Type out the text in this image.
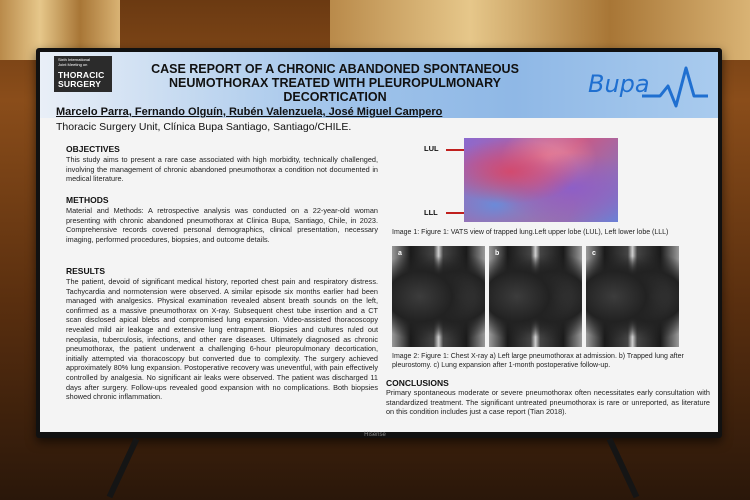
Sixth International Joint Meeting on
THORACIC
SURGERY
CASE REPORT OF A CHRONIC ABANDONED SPONTANEOUS NEUMOTHORAX TREATED WITH PLEUROPULMONARY DECORTICATION	Bupa
Marcelo Parra, Fernando Olguín, Rubén Valenzuela, José Miguel Campero
Thoracic Surgery Unit, Clínica Bupa Santiago, Santiago/CHILE.
OBJECTIVES
This study aims to present a rare case associated with high morbidity, technically challenged, involving the management of chronic abandoned pneumothorax a condition not documented in medical literature.
METHODS
Material and Methods: A retrospective analysis was conducted on a 22-year-old woman presenting with chronic abandoned pneumothorax at Clinica Bupa, Santiago, Chile, in 2023. Comprehensive records covered personal demographics, clinical presentation, necessary imaging, performed procedures, biopsies, and outcome details.
RESULTS
The patient, devoid of significant medical history, reported chest pain and respiratory distress. Tachycardia and normotension were observed. A similar episode six months earlier had been managed with analgesics. Physical examination revealed absent breath sounds on the left, confirmed as a massive pneumothorax on X-ray. Subsequent chest tube insertion and a CT scan disclosed apical blebs and compromised lung expansion. Video-assisted thoracoscopy revealed mild air leakage and extensive lung entrapment. Biopsies and cultures ruled out neoplasia, tuberculosis, infections, and other rare diseases. Ultimately diagnosed as chronic pneumothorax, the patient underwent a challenging 6-hour pleuropulmonary decortication, initially attempted via thoracoscopy but converted due to complexity. The surgery achieved approximately 80% lung expansion. Postoperative recovery was uneventful, with pain effectively controlled by analgesia. No significant air leaks were observed. The patient was discharged 11 days after surgery. Follow-ups revealed good expansion with no complications. Both biopsies showed chronic inflammation.
LUL
LLL
Image 1: Figure 1: VATS view of trapped lung.Left upper lobe (LUL), Left lower lobe (LLL)
a	b	c
Image 2: Figure 1: Chest X-ray a) Left large pneumothorax at admission. b) Trapped lung after pleurostomy. c) Lung expansion after 1-month postoperative follow-up.
CONCLUSIONS
Primary spontaneous moderate or severe pneumothorax often necessitates early consultation with standardized treatment. The significant untreated pneumothorax is rare or unreported, as literature on this condition includes just a case report (Tian 2018).
Hisense
